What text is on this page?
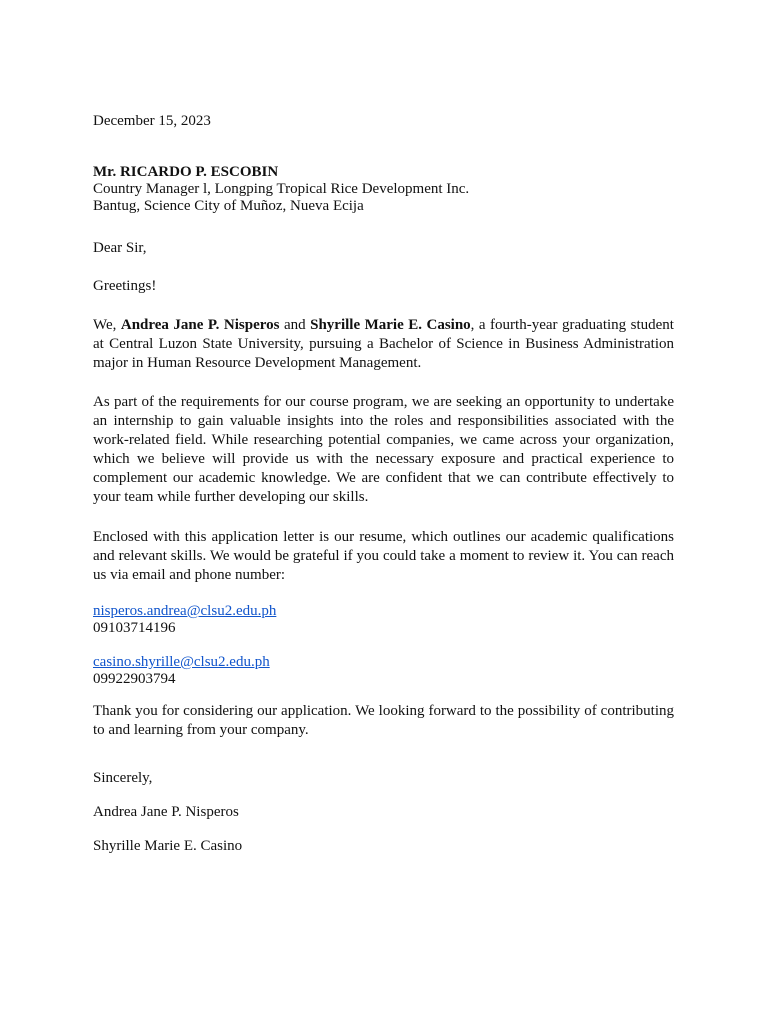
December 15, 2023

Mr. RICARDO P. ESCOBIN
Country Manager l, Longping Tropical Rice Development Inc.
Bantug, Science City of Muñoz, Nueva Ecija

Dear Sir,

Greetings!

We, Andrea Jane P. Nisperos and Shyrille Marie E. Casino, a fourth-year graduating student at Central Luzon State University, pursuing a Bachelor of Science in Business Administration major in Human Resource Development Management.

As part of the requirements for our course program, we are seeking an opportunity to undertake an internship to gain valuable insights into the roles and responsibilities associated with the work-related field. While researching potential companies, we came across your organization, which we believe will provide us with the necessary exposure and practical experience to complement our academic knowledge. We are confident that we can contribute effectively to your team while further developing our skills.

Enclosed with this application letter is our resume, which outlines our academic qualifications and relevant skills. We would be grateful if you could take a moment to review it. You can reach us via email and phone number:

nisperos.andrea@clsu2.edu.ph
09103714196
casino.shyrille@clsu2.edu.ph
09922903794

Thank you for considering our application. We looking forward to the possibility of contributing to and learning from your company.

Sincerely,

Andrea Jane P. Nisperos

Shyrille Marie E. Casino
